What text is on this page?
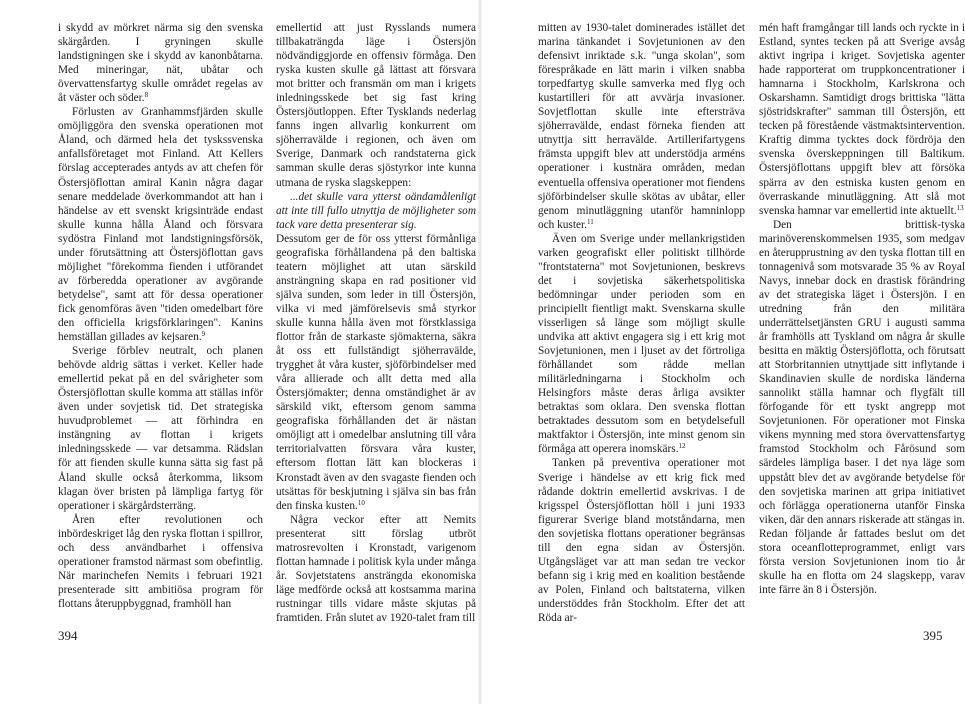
i skydd av mörkret närma sig den svenska skärgården. I gryningen skulle landstigningen ske i skydd av kanonbåtarna. Med mineringar, nät, ubåtar och övervattensfartyg skulle området regelas av åt väster och söder.$^8$

Förlusten av Granhammsfjärden skulle omöjliggöra den svenska operationen mot Åland, och därmed hela det tyskssvenska anfallsföretaget mot Finland. Att Kellers förslag accepterades antyds av att chefen för Östersjöflottan amiral Kanin några dagar senare meddelade överkommandot att han i händelse av ett svenskt krigsinträde endast skulle kunna hålla Åland och försvara sydöstra Finland mot landstigningsförsök, under förutsättning att Östersjöflottan gavs möjlighet "förekomma fienden i utförandet av förberedda operationer av avgörande betydelse", samt att för dessa operationer fick genomföras även "tiden omedelbart före den officiella krigsförklaringen". Kanins hemställan gillades av kejsaren.$^9$

Sverige förblev neutralt, och planen behövde aldrig sättas i verket. Keller hade emellertid pekat på en del svårigheter som Östersjöflottan skulle komma att ställas inför även under sovjetisk tid. Det strategiska huvudproblemet — att förhindra en instängning av flottan i krigets inledningsskede — var detsamma. Rädslan för att fienden skulle kunna sätta sig fast på Åland skulle också återkomma, liksom klagan över bristen på lämpliga fartyg för operationer i skärgårdsterräng.

Åren efter revolutionen och inbördeskriget låg den ryska flottan i spillror, och dess användbarhet i offensiva operationer framstod närmast som obefintlig. När marinchefen Nemits i februari 1921 presenterade sitt ambitiösa program för flottans återuppbyggnad, framhöll han

emellertid att just Rysslands numera tillbakaträngda läge i Östersjön nödvändiggjorde en offensiv förmåga. Den ryska kusten skulle gå lättast att försvara mot britter och fransmän om man i krigets inledningsskede bet sig fast kring Östersjöutloppen. Efter Tysklands nederlag fanns ingen allvarlig konkurrent om sjöherravälde i regionen, och även om Sverige, Danmark och randstaterna gick samman skulle deras sjöstyrkor inte kunna utmana de ryska slagskeppen:

...det skulle vara ytterst oändamålenligt att inte till fullo utnyttja de möjligheter som tack vare detta presenterar sig.

Dessutom ger de för oss ytterst förmånliga geografiska förhållandena på den baltiska teatern möjlighet att utan särskild ansträngning skapa en rad positioner vid själva sunden, som leder in till Östersjön, vilka vi med jämförelsevis små styrkor skulle kunna hålla även mot förstklassiga flottor från de starkaste sjömakterna, säkra åt oss ett fullständigt sjöherravälde, trygghet åt våra kuster, sjöförbindelser med våra allierade och allt detta med alla Östersjömakter; denna omständighet är av särskild vikt, eftersom genom samma geografiska förhållanden det är nästan omöjligt att i omedelbar anslutning till våra territorialvatten försvara våra kuster, eftersom flottan lätt kan blockeras i Kronstadt även av den svagaste fienden och utsättas för beskjutning i själva sin bas från den finska kusten.$^{10}$

Några veckor efter att Nemits presenterat sitt förslag utbröt matrosrevolten i Kronstadt, varigenom flottan hamnade i politisk kyla under många år. Sovjetstatens ansträngda ekonomiska läge medförde också att kostsamma marina rustningar tills vidare måste skjutas på framtiden. Från slutet av 1920-talet fram till

394

mitten av 1930-talet dominerades istället det marina tänkandet i Sovjetunionen av den defensivt inriktade s.k. "unga skolan", som förespråkade en lätt marin i vilken snabba torpedfartyg skulle samverka med flyg och kustartilleri för att avvärja invasioner. Sovjetflottan skulle inte eftersträva sjöherravälde, endast förneka fienden att utnyttja sitt herravälde. Artillerifartygens främsta uppgift blev att understödja arméns operationer i kustnära områden, medan eventuella offensiva operationer mot fiendens sjöförbindelser skulle skötas av ubåtar, eller genom minutläggning utanför hamninlopp och kuster.$^{11}$

Även om Sverige under mellankrigstiden varken geografiskt eller politiskt tillhörde "frontstaterna" mot Sovjetunionen, beskrevs det i sovjetiska säkerhetspolitiska bedömningar under perioden som en principiellt fientligt makt. Svenskarna skulle visserligen så länge som möjligt skulle undvika att aktivt engagera sig i ett krig mot Sovjetunionen, men i ljuset av det förtroliga förhållandet som rådde mellan militärledningarna i Stockholm och Helsingfors måste deras årliga avsikter betraktas som oklara. Den svenska flottan betraktades dessutom som en betydelsefull maktfaktor i Östersjön, inte minst genom sin förmåga att operera inomskärs.$^{12}$

Tanken på preventiva operationer mot Sverige i händelse av ett krig fick med rådande doktrin emellertid avskrivas. I de krigsspel Östersjöflottan höll i juni 1933 figurerar Sverige bland motståndarna, men den sovjetiska flottans operationer begränsas till den egna sidan av Östersjön. Utgångsläget var att man sedan tre veckor befann sig i krig med en koalition bestående av Polen, Finland och baltstaterna, vilken understöddes från Stockholm. Efter det att Röda ar-

mén haft framgångar till lands och ryckte in i Estland, syntes tecken på att Sverige avsåg aktivt ingripa i kriget. Sovjetiska agenter hade rapporterat om truppkoncentrationer i hamnarna i Stockholm, Karlskrona och Oskarshamn. Samtidigt drogs brittiska "lätta sjöstridskrafter" samman till Östersjön, ett tecken på förestående västmaktsintervention. Kraftig dimma tycktes dock fördröja den svenska överskeppningen till Baltikum. Östersjöflottans uppgift blev att försöka spärra av den estniska kusten genom en överraskande minutläggning. Att slå mot svenska hamnar var emellertid inte aktuellt.$^{13}$

Den brittisk-tyska marinöverenskommelsen 1935, som medgav en återupprustning av den tyska flottan till en tonnagenivå som motsvarade 35 % av Royal Navys, innebar dock en drastisk förändring av det strategiska läget i Östersjön. I en utredning från den militära underrättelsetjänsten GRU i augusti samma år framhölls att Tyskland om några år skulle besitta en mäktig Östersjöflotta, och förutsatt att Storbritannien utnyttjade sitt inflytande i Skandinavien skulle de nordiska länderna sannolikt ställa hamnar och flygfält till förfogande för ett tyskt angrepp mot Sovjetunionen. För operationer mot Finska vikens mynning med stora övervattensfartyg framstod Stockholm och Fårösund som särdeles lämpliga baser. I det nya läge som uppstått blev det av avgörande betydelse för den sovjetiska marinen att gripa initiativet och förlägga operationerna utanför Finska viken, där den annars riskerade att stängas in. Redan följande år fattades beslut om det stora oceanflotteprogrammet, enligt vars första version Sovjetunionen inom tio år skulle ha en flotta om 24 slagskepp, varav inte färre än 8 i Östersjön.

395
